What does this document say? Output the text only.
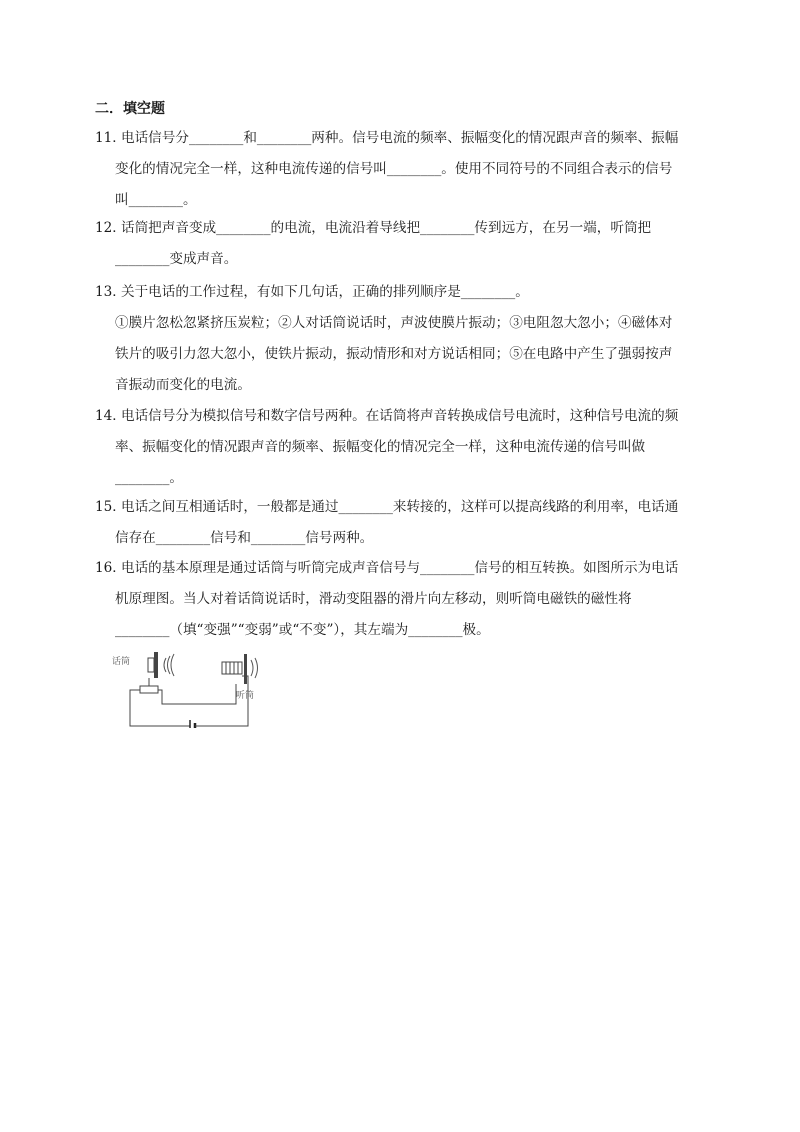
二．填空题
11．电话信号分________和________两种。信号电流的频率、振幅变化的情况跟声音的频率、振幅
变化的情况完全一样，这种电流传递的信号叫________。使用不同符号的不同组合表示的信号
叫________。
12．话筒把声音变成________的电流，电流沿着导线把________传到远方，在另一端，听筒把
________变成声音。
13．关于电话的工作过程，有如下几句话，正确的排列顺序是________。
①膜片忽松忽紧挤压炭粒；②人对话筒说话时，声波使膜片振动；③电阻忽大忽小；④磁体对
铁片的吸引力忽大忽小，使铁片振动，振动情形和对方说话相同；⑤在电路中产生了强弱按声
音振动而变化的电流。
14．电话信号分为模拟信号和数字信号两种。在话筒将声音转换成信号电流时，这种信号电流的频
率、振幅变化的情况跟声音的频率、振幅变化的情况完全一样，这种电流传递的信号叫做
________。
15．电话之间互相通话时，一般都是通过________来转接的，这样可以提高线路的利用率，电话通
信存在________信号和________信号两种。
16．电话的基本原理是通过话筒与听筒完成声音信号与________信号的相互转换。如图所示为电话
机原理图。当人对着话筒说话时，滑动变阻器的滑片向左移动，则听筒电磁铁的磁性将
________（填“变强”“变弱”或“不变”），其左端为________极。
话筒
听筒
